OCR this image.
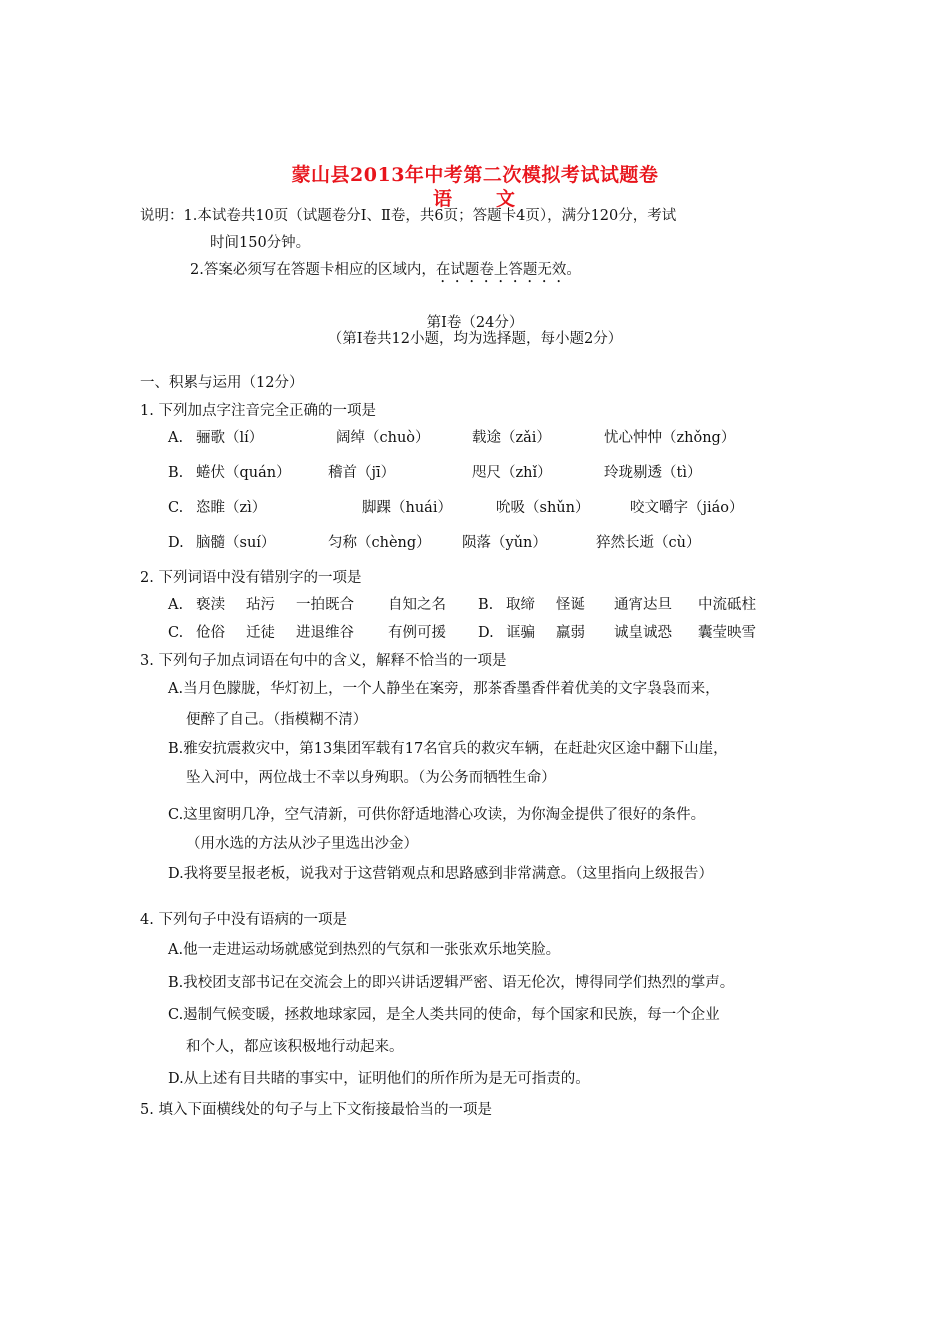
蒙山县2013年中考第二次模拟考试试题卷
语　　文
说明：1.本试卷共10页（试题卷分Ⅰ、Ⅱ卷，共6页；答题卡4页），满分120分，考试
时间150分钟。
2.答案必须写在答题卡相应的区域内，在试题卷上答题无效。
第Ⅰ卷（24分）
（第Ⅰ卷共12小题，均为选择题，每小题2分）
一、积累与运用（12分）
1. 下列加点字注音完全正确的一项是
A. 骊歌（lí）	阔绰（chuò）	载途（zǎi）	忧心忡忡（zhǒng）
B. 蜷伏（quán）	稽首（jī）	咫尺（zhǐ）	玲珑剔透（tì）
C. 恣睢（zì）	脚踝（huái）	吮吸（shǔn）	咬文嚼字（jiáo）
D. 脑髓（suí）	匀称（chèng） 陨落（yǔn）	猝然长逝（cù）
2. 下列词语中没有错别字的一项是
A. 亵渎 玷污 一拍既合 自知之名 B. 取缔 怪诞 通宵达旦 中流砥柱
C. 伧俗 迁徒 进退维谷 有例可援 D. 诓骗 羸弱 诚皇诚恐 囊莹映雪
3. 下列句子加点词语在句中的含义，解释不恰当的一项是
A.当月色朦胧，华灯初上，一个人静坐在案旁，那茶香墨香伴着优美的文字袅袅而来，
便醉了自己。（指模糊不清）
B.雅安抗震救灾中，第13集团军载有17名官兵的救灾车辆，在赶赴灾区途中翻下山崖，
坠入河中，两位战士不幸以身殉职。（为公务而牺牲生命）
C.这里窗明几净，空气清新，可供你舒适地潜心攻读，为你淘金提供了很好的条件。
（用水选的方法从沙子里选出沙金）
D.我将要呈报老板，说我对于这营销观点和思路感到非常满意。（这里指向上级报告）
4. 下列句子中没有语病的一项是
A.他一走进运动场就感觉到热烈的气氛和一张张欢乐地笑脸。
B.我校团支部书记在交流会上的即兴讲话逻辑严密、语无伦次，博得同学们热烈的掌声。
C.遏制气候变暖，拯救地球家园，是全人类共同的使命，每个国家和民族，每一个企业
和个人，都应该积极地行动起来。
D.从上述有目共睹的事实中，证明他们的所作所为是无可指责的。
5. 填入下面横线处的句子与上下文衔接最恰当的一项是
